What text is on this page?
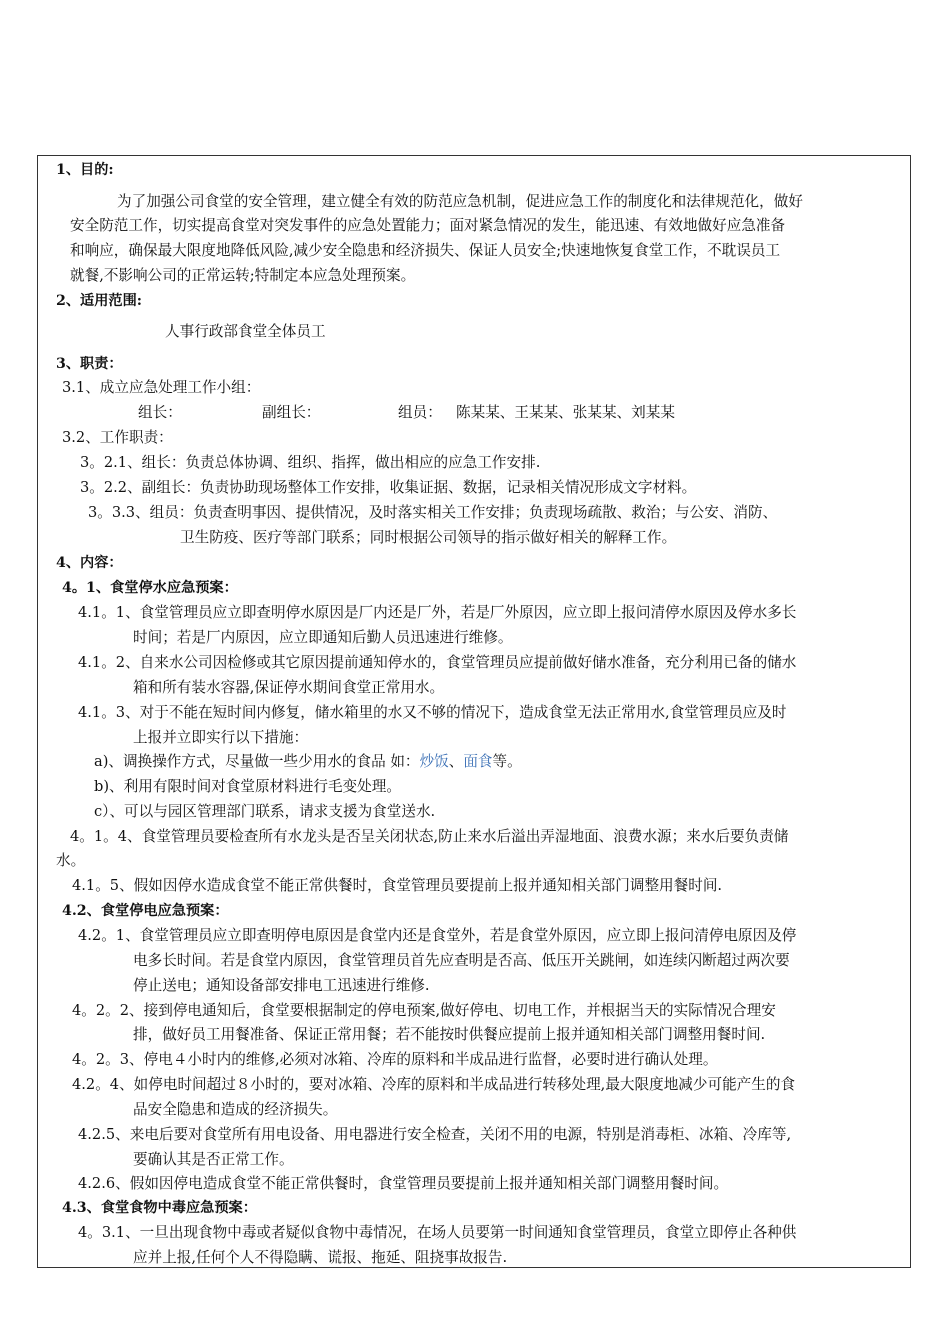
1、目的:
为了加强公司食堂的安全管理，建立健全有效的防范应急机制，促进应急工作的制度化和法律规范化，做好
安全防范工作，切实提高食堂对突发事件的应急处置能力；面对紧急情况的发生，能迅速、有效地做好应急准备
和响应，确保最大限度地降低风险,减少安全隐患和经济损失、保证人员安全;快速地恢复食堂工作，不耽误员工
就餐,不影响公司的正常运转;特制定本应急处理预案。
2、适用范围:
人事行政部食堂全体员工
3、职责：
3.1、成立应急处理工作小组：
组长：	副组长：	组员： 陈某某、王某某、张某某、刘某某
3.2、工作职责：
3。2.1、组长：负责总体协调、组织、指挥，做出相应的应急工作安排.
3。2.2、副组长：负责协助现场整体工作安排，收集证据、数据，记录相关情况形成文字材料。
3。3.3、组员：负责查明事因、提供情况，及时落实相关工作安排；负责现场疏散、救治；与公安、消防、
卫生防疫、医疗等部门联系；同时根据公司领导的指示做好相关的解释工作。
4、内容：
4。1、食堂停水应急预案：
4.1。1、食堂管理员应立即查明停水原因是厂内还是厂外，若是厂外原因，应立即上报问清停水原因及停水多长
时间；若是厂内原因，应立即通知后勤人员迅速进行维修。
4.1。2、自来水公司因检修或其它原因提前通知停水的，食堂管理员应提前做好储水准备，充分利用已备的储水
箱和所有装水容器,保证停水期间食堂正常用水。
4.1。3、对于不能在短时间内修复，储水箱里的水又不够的情况下，造成食堂无法正常用水,食堂管理员应及时
上报并立即实行以下措施：
a)、调换操作方式，尽量做一些少用水的食品 如：炒饭、面食等。
b)、利用有限时间对食堂原材料进行毛变处理。
c）、可以与园区管理部门联系，请求支援为食堂送水.
4。1。4、食堂管理员要检查所有水龙头是否呈关闭状态,防止来水后溢出弄湿地面、浪费水源；来水后要负责储
水。
4.1。5、假如因停水造成食堂不能正常供餐时，食堂管理员要提前上报并通知相关部门调整用餐时间.
4.2、食堂停电应急预案：
4.2。1、食堂管理员应立即查明停电原因是食堂内还是食堂外，若是食堂外原因，应立即上报问清停电原因及停
电多长时间。若是食堂内原因，食堂管理员首先应查明是否高、低压开关跳闸，如连续闪断超过两次要
停止送电；通知设备部安排电工迅速进行维修.
4。2。2、接到停电通知后，食堂要根据制定的停电预案,做好停电、切电工作，并根据当天的实际情况合理安
排，做好员工用餐准备、保证正常用餐；若不能按时供餐应提前上报并通知相关部门调整用餐时间.
4。2。3、停电４小时内的维修,必须对冰箱、冷库的原料和半成品进行监督，必要时进行确认处理。
4.2。4、如停电时间超过８小时的，要对冰箱、冷库的原料和半成品进行转移处理,最大限度地减少可能产生的食
品安全隐患和造成的经济损失。
4.2.5、来电后要对食堂所有用电设备、用电器进行安全检查，关闭不用的电源，特别是消毒柜、冰箱、冷库等,
要确认其是否正常工作。
4.2.6、假如因停电造成食堂不能正常供餐时，食堂管理员要提前上报并通知相关部门调整用餐时间。
4.3、食堂食物中毒应急预案：
4。3.1、一旦出现食物中毒或者疑似食物中毒情况，在场人员要第一时间通知食堂管理员，食堂立即停止各种供
应并上报,任何个人不得隐瞒、谎报、拖延、阻挠事故报告.
